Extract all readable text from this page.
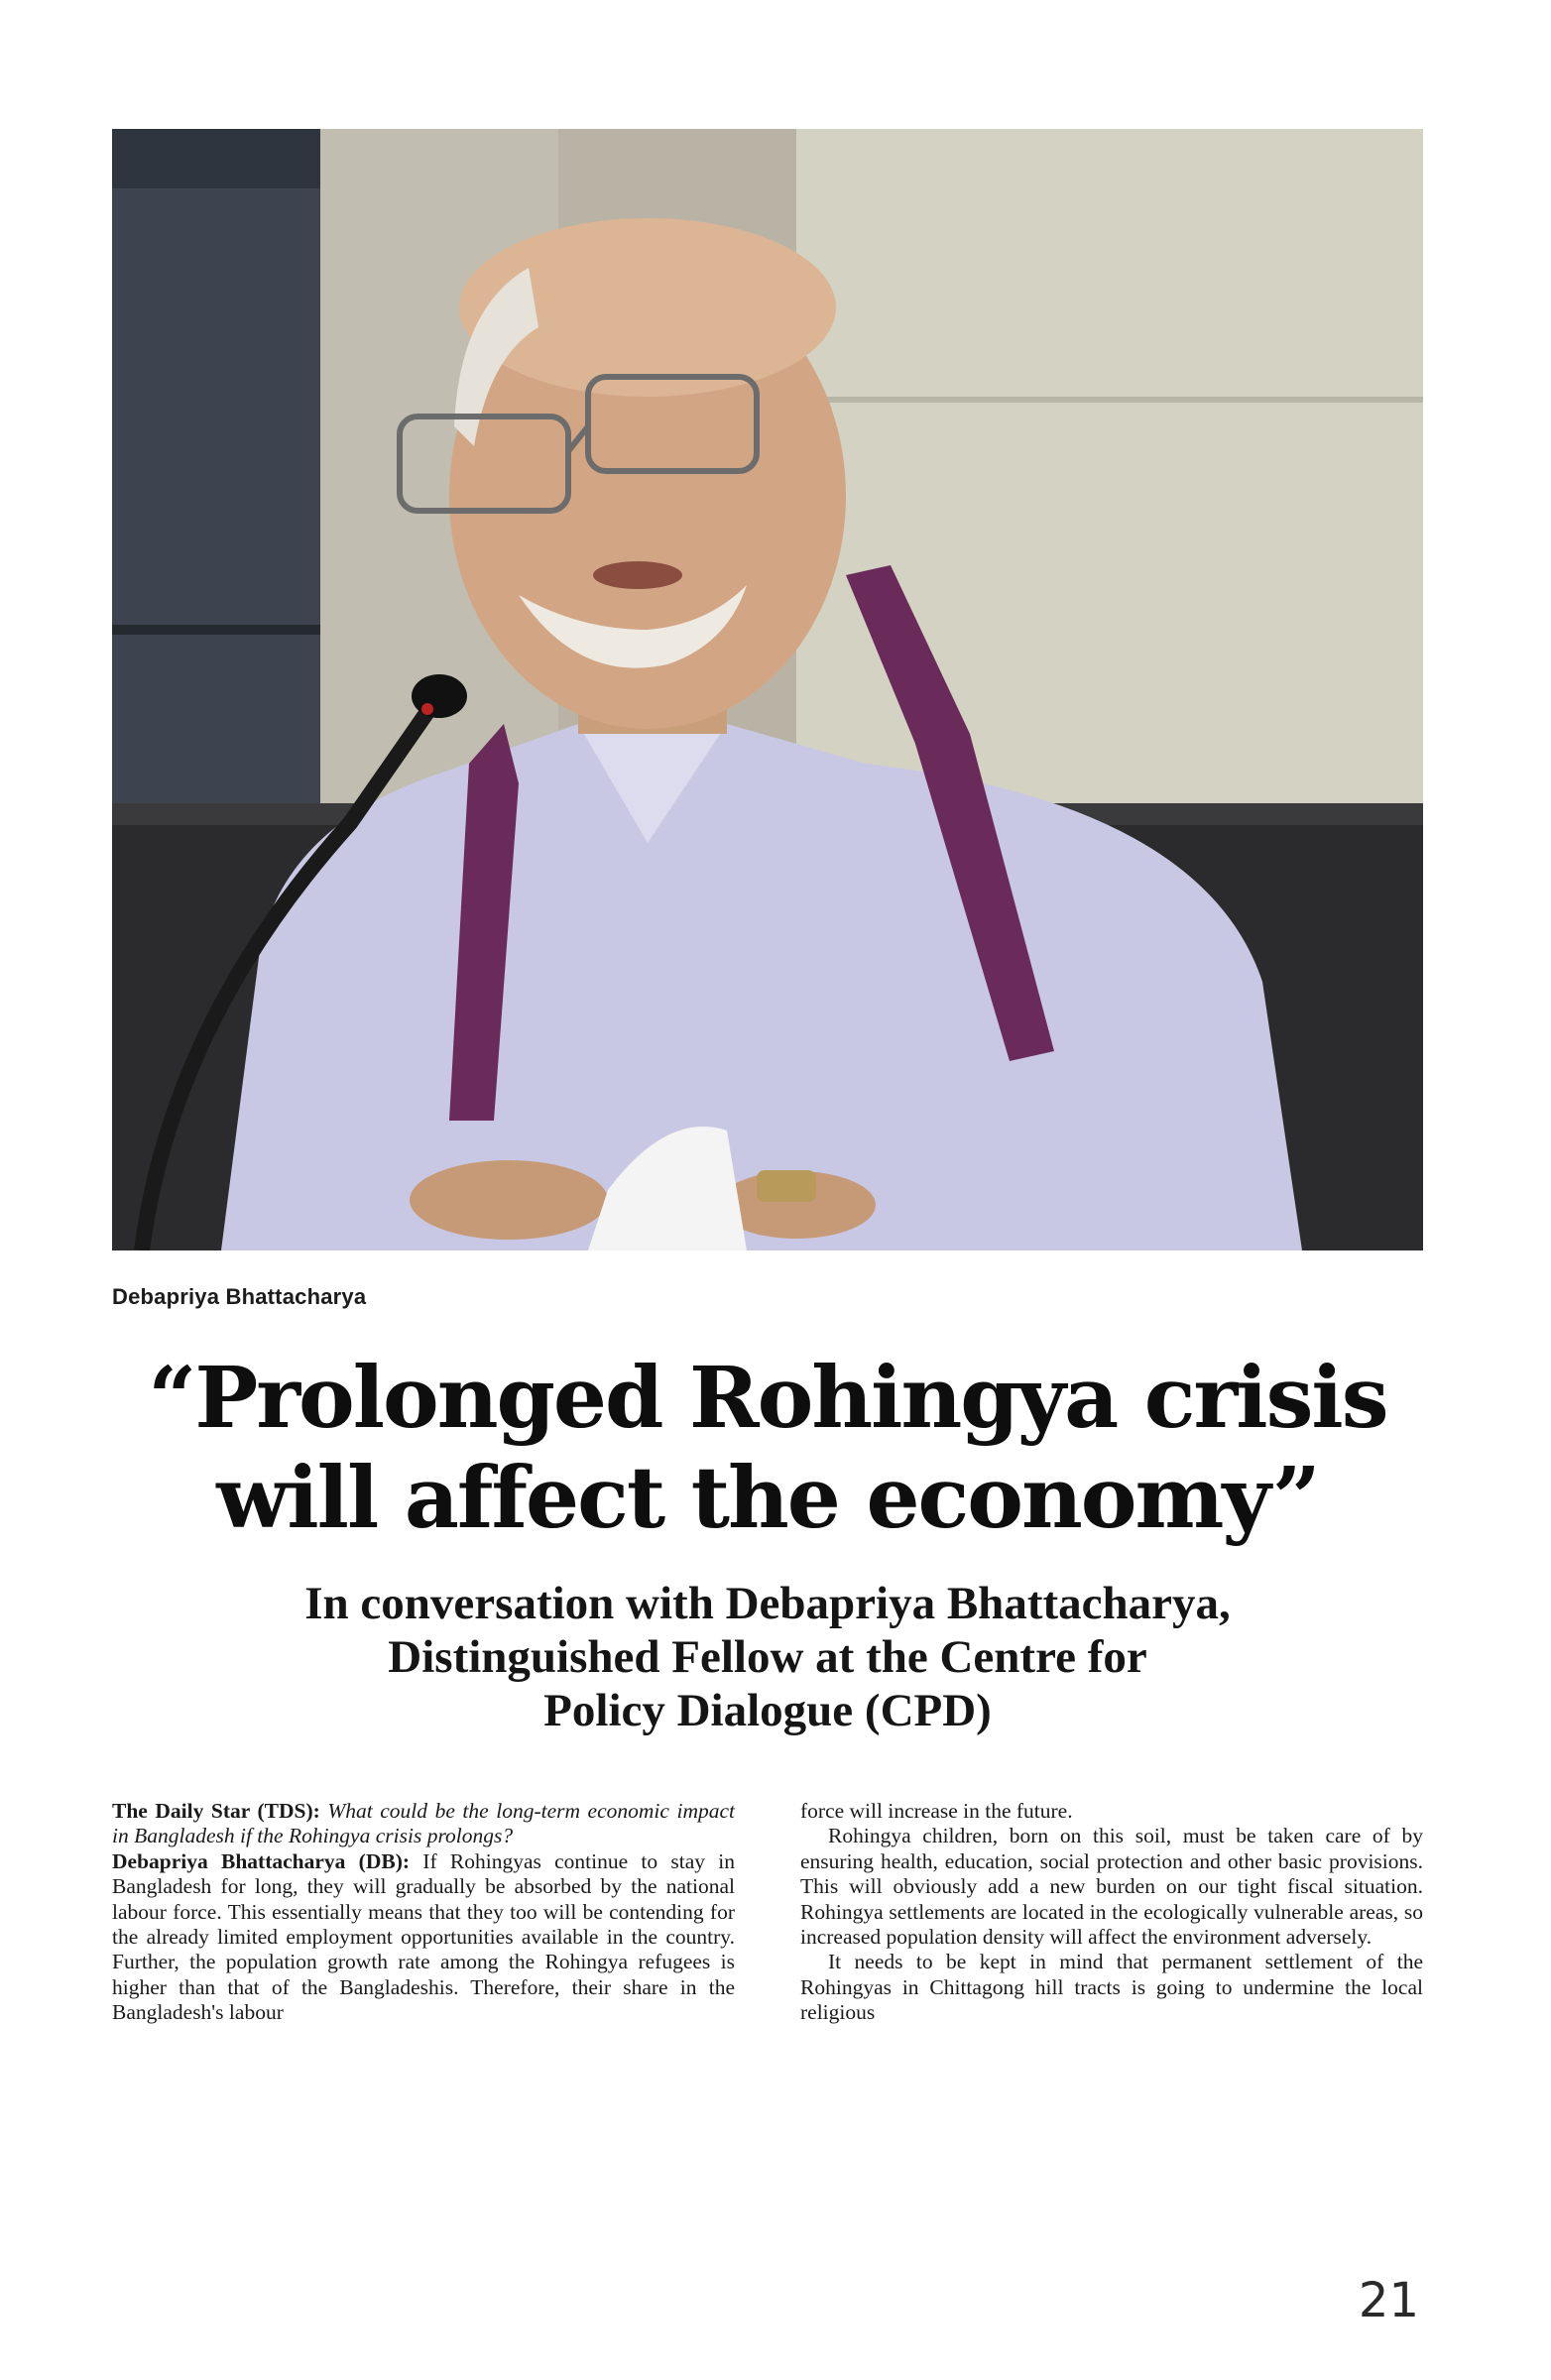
Debapriya Bhattacharya
“Prolonged Rohingya crisis
will affect the economy”
In conversation with Debapriya Bhattacharya,
Distinguished Fellow at the Centre for
Policy Dialogue (CPD)

The Daily Star (TDS): What could be the long-term economic impact in Bangladesh if the Rohingya crisis prolongs?

Debapriya Bhattacharya (DB): If Rohingyas continue to stay in Bangladesh for long, they will gradually be absorbed by the national labour force. This essentially means that they too will be contending for the already limited employment opportunities available in the country. Further, the population growth rate among the Rohingya refugees is higher than that of the Bangladeshis. Therefore, their share in the Bangladesh's labour

force will increase in the future.

Rohingya children, born on this soil, must be taken care of by ensuring health, education, social protection and other basic provisions. This will obviously add a new burden on our tight fiscal situation. Rohingya settlements are located in the ecologically vulnerable areas, so increased population density will affect the environment adversely.

It needs to be kept in mind that permanent settlement of the Rohingyas in Chittagong hill tracts is going to undermine the local religious

21
